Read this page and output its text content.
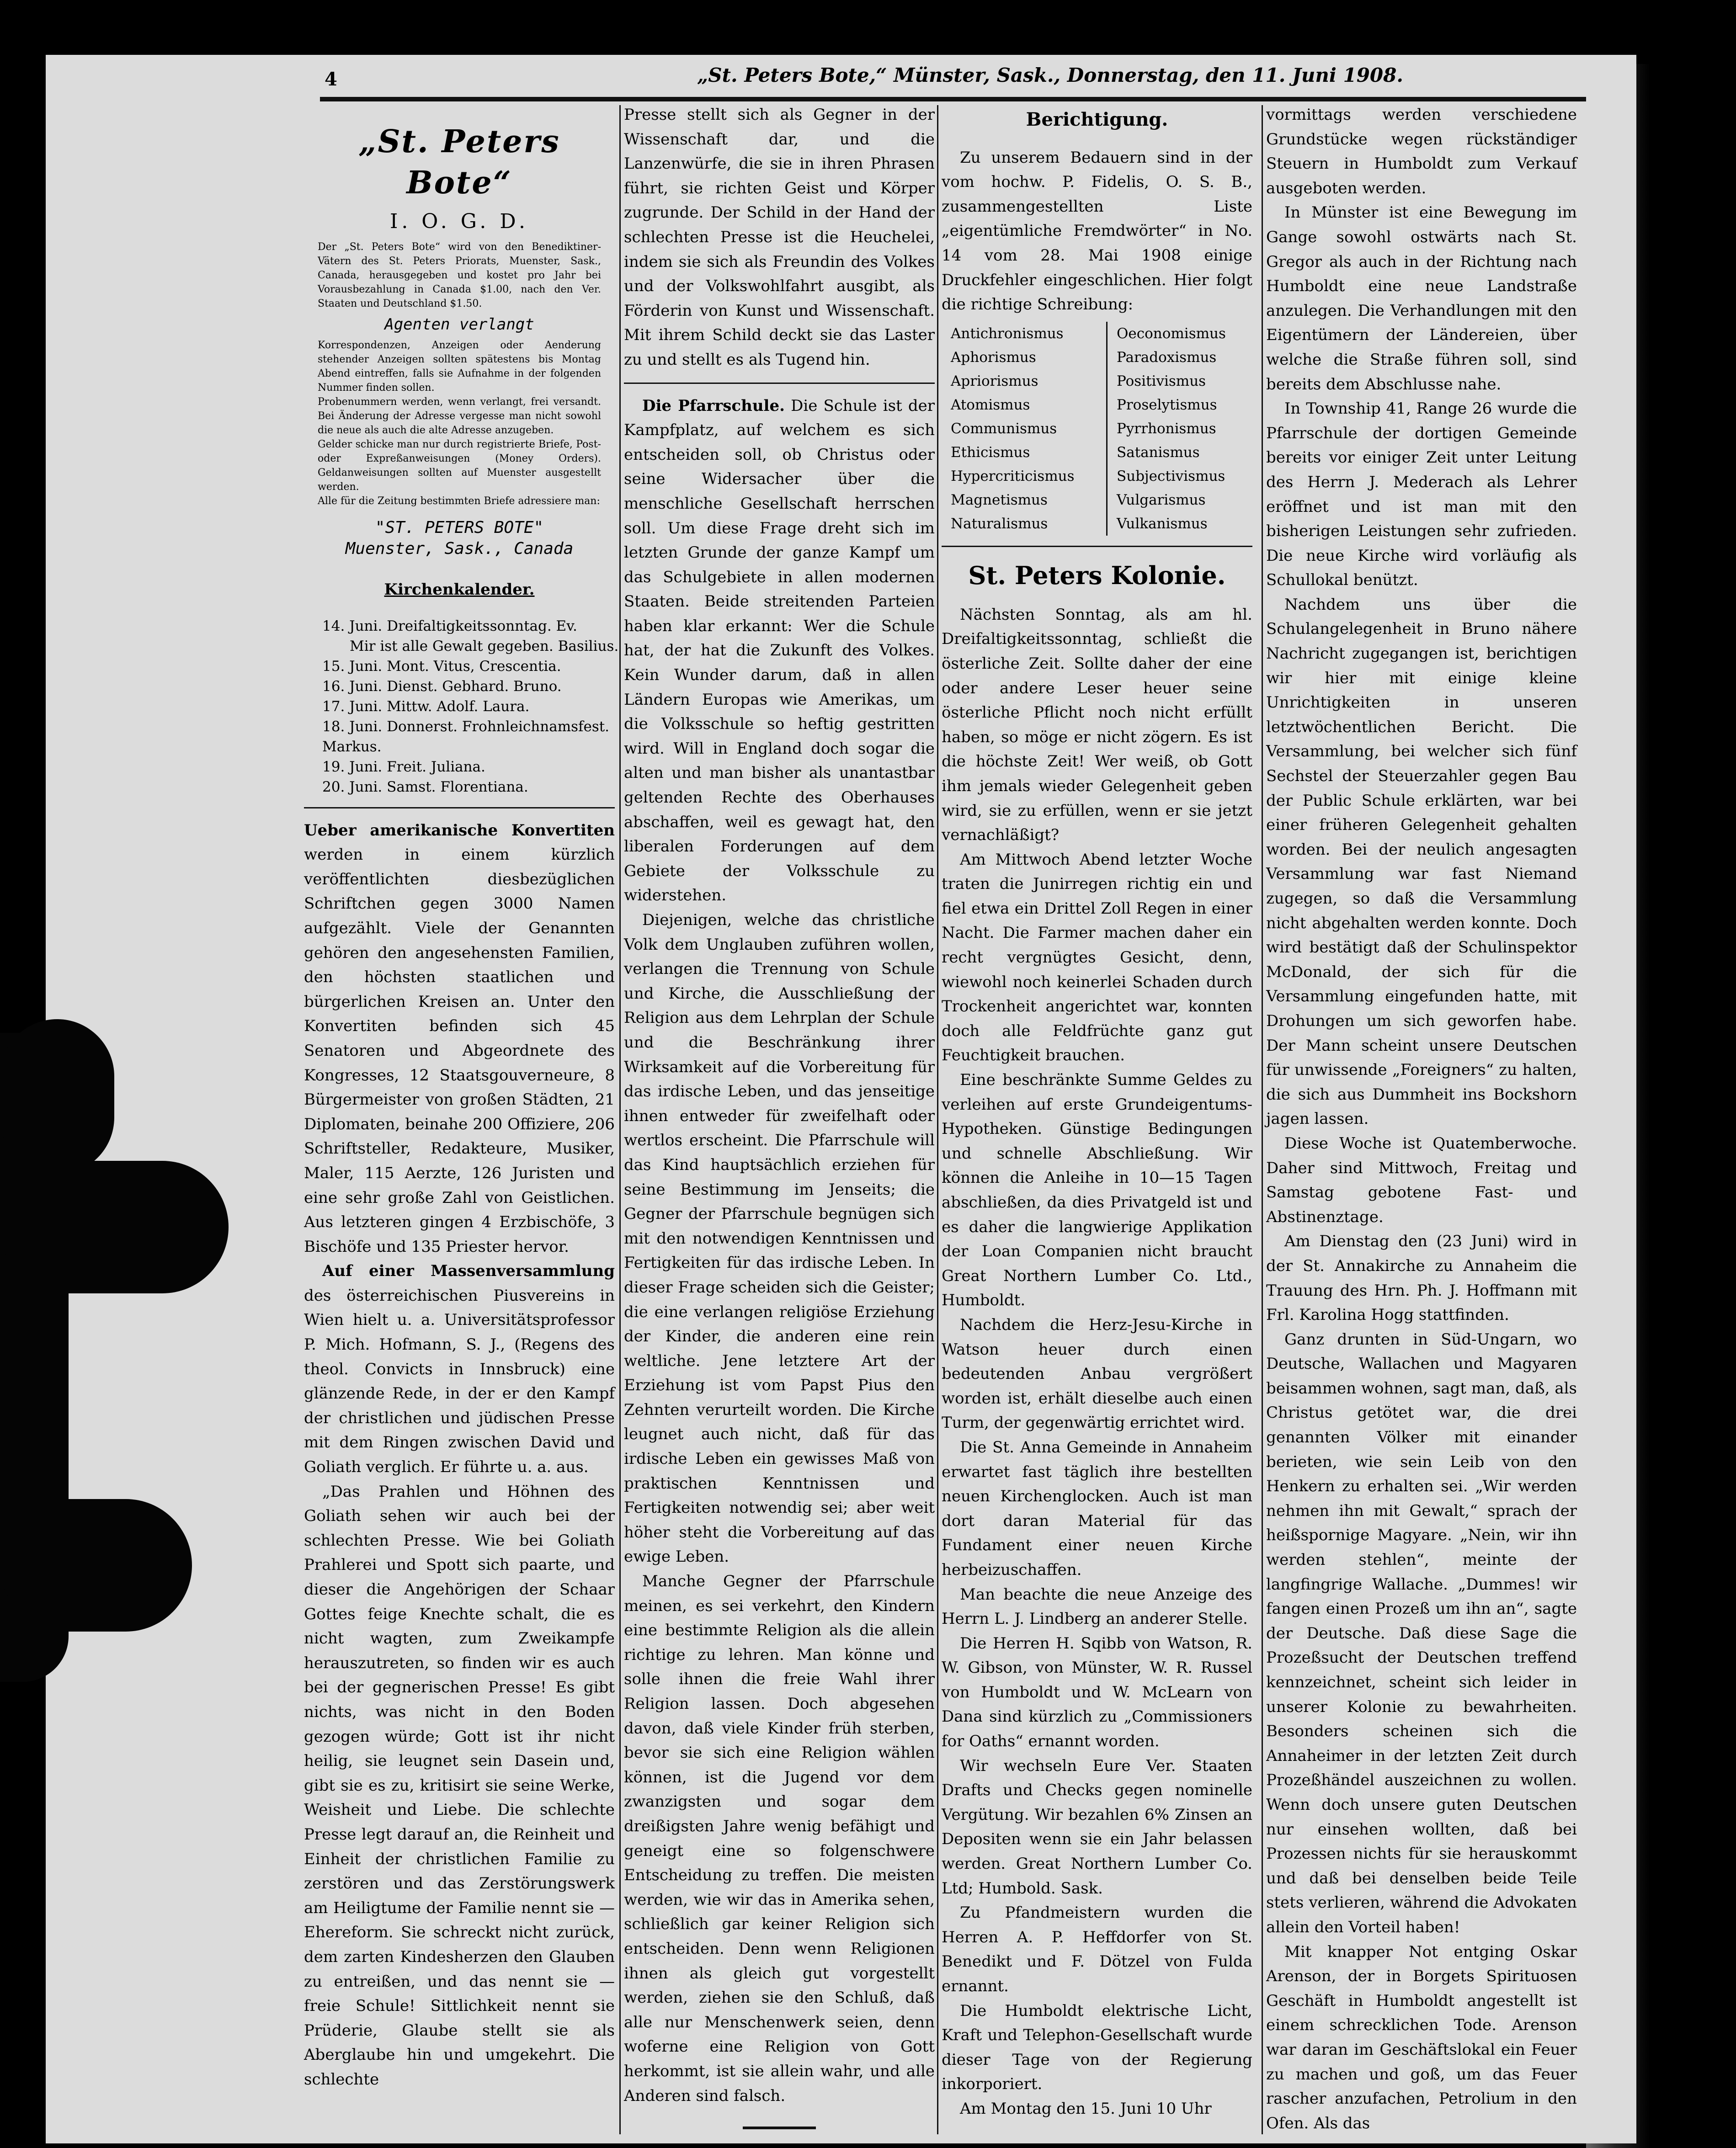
4	„St. Peters Bote,“ Münster, Sask., Donnerstag, den 11. Juni 1908.
„St. Peters Bote“
I. O. G. D.
Der „St. Peters Bote“ wird von den Benediktiner-Vätern des St. Peters Priorats, Muenster, Sask., Canada, herausgegeben und kostet pro Jahr bei Vorausbezahlung in Canada $1.00, nach den Ver. Staaten und Deutschland $1.50.
Agenten verlangt
Korrespondenzen, Anzeigen oder Aenderung stehender Anzeigen sollten spätestens bis Montag Abend eintreffen, falls sie Aufnahme in der folgenden Nummer finden sollen.
Probenummern werden, wenn verlangt, frei versandt. Bei Änderung der Adresse vergesse man nicht sowohl die neue als auch die alte Adresse anzugeben.
Gelder schicke man nur durch registrierte Briefe, Post- oder Expreßanweisungen (Money Orders). Geldanweisungen sollten auf Muenster ausgestellt werden.
Alle für die Zeitung bestimmten Briefe adressiere man:
"ST. PETERS BOTE"
Muenster, Sask., Canada
Kirchenkalender.
14. Juni. Dreifaltigkeitssonntag. Ev.
Mir ist alle Gewalt gegeben. Basilius.
15. Juni. Mont. Vitus, Crescentia.
16. Juni. Dienst. Gebhard. Bruno.
17. Juni. Mittw. Adolf. Laura.
18. Juni. Donnerst. Frohnleichnamsfest.
Markus.
19. Juni. Freit. Juliana.
20. Juni. Samst. Florentiana.

Ueber amerikanische Konvertiten werden in einem kürzlich veröffentlichten diesbezüglichen Schriftchen gegen 3000 Namen aufgezählt. Viele der Genannten gehören den angesehensten Familien, den höchsten staatlichen und bürgerlichen Kreisen an. Unter den Konvertiten befinden sich 45 Senatoren und Abgeordnete des Kongresses, 12 Staatsgouverneure, 8 Bürgermeister von großen Städten, 21 Diplomaten, beinahe 200 Offiziere, 206 Schriftsteller, Redakteure, Musiker, Maler, 115 Aerzte, 126 Juristen und eine sehr große Zahl von Geistlichen. Aus letzteren gingen 4 Erzbischöfe, 3 Bischöfe und 135 Priester hervor.

Auf einer Massenversammlung des österreichischen Piusvereins in Wien hielt u. a. Universitätsprofessor P. Mich. Hofmann, S. J., (Regens des theol. Convicts in Innsbruck) eine glänzende Rede, in der er den Kampf der christlichen und jüdischen Presse mit dem Ringen zwischen David und Goliath verglich. Er führte u. a. aus.

„Das Prahlen und Höhnen des Goliath sehen wir auch bei der schlechten Presse. Wie bei Goliath Prahlerei und Spott sich paarte, und dieser die Angehörigen der Schaar Gottes feige Knechte schalt, die es nicht wagten, zum Zweikampfe herauszutreten, so finden wir es auch bei der gegnerischen Presse! Es gibt nichts, was nicht in den Boden gezogen würde; Gott ist ihr nicht heilig, sie leugnet sein Dasein und, gibt sie es zu, kritisirt sie seine Werke, Weisheit und Liebe. Die schlechte Presse legt darauf an, die Reinheit und Einheit der christlichen Familie zu zerstören und das Zerstörungswerk am Heiligtume der Familie nennt sie — Ehereform. Sie schreckt nicht zurück, dem zarten Kindesherzen den Glauben zu entreißen, und das nennt sie — freie Schule! Sittlichkeit nennt sie Prüderie, Glaube stellt sie als Aberglaube hin und umgekehrt. Die schlechte

Presse stellt sich als Gegner in der Wissenschaft dar, und die Lanzenwürfe, die sie in ihren Phrasen führt, sie richten Geist und Körper zugrunde. Der Schild in der Hand der schlechten Presse ist die Heuchelei, indem sie sich als Freundin des Volkes und der Volkswohlfahrt ausgibt, als Förderin von Kunst und Wissenschaft. Mit ihrem Schild deckt sie das Laster zu und stellt es als Tugend hin.

Die Pfarrschule. Die Schule ist der Kampfplatz, auf welchem es sich entscheiden soll, ob Christus oder seine Widersacher über die menschliche Gesellschaft herrschen soll. Um diese Frage dreht sich im letzten Grunde der ganze Kampf um das Schulgebiete in allen modernen Staaten. Beide streitenden Parteien haben klar erkannt: Wer die Schule hat, der hat die Zukunft des Volkes. Kein Wunder darum, daß in allen Ländern Europas wie Amerikas, um die Volksschule so heftig gestritten wird. Will in England doch sogar die alten und man bisher als unantastbar geltenden Rechte des Oberhauses abschaffen, weil es gewagt hat, den liberalen Forderungen auf dem Gebiete der Volksschule zu widerstehen.

Diejenigen, welche das christliche Volk dem Unglauben zuführen wollen, verlangen die Trennung von Schule und Kirche, die Ausschließung der Religion aus dem Lehrplan der Schule und die Beschränkung ihrer Wirksamkeit auf die Vorbereitung für das irdische Leben, und das jenseitige ihnen entweder für zweifelhaft oder wertlos erscheint. Die Pfarrschule will das Kind hauptsächlich erziehen für seine Bestimmung im Jenseits; die Gegner der Pfarrschule begnügen sich mit den notwendigen Kenntnissen und Fertigkeiten für das irdische Leben. In dieser Frage scheiden sich die Geister; die eine verlangen religiöse Erziehung der Kinder, die anderen eine rein weltliche. Jene letztere Art der Erziehung ist vom Papst Pius den Zehnten verurteilt worden. Die Kirche leugnet auch nicht, daß für das irdische Leben ein gewisses Maß von praktischen Kenntnissen und Fertigkeiten notwendig sei; aber weit höher steht die Vorbereitung auf das ewige Leben.

Manche Gegner der Pfarrschule meinen, es sei verkehrt, den Kindern eine bestimmte Religion als die allein richtige zu lehren. Man könne und solle ihnen die freie Wahl ihrer Religion lassen. Doch abgesehen davon, daß viele Kinder früh sterben, bevor sie sich eine Religion wählen können, ist die Jugend vor dem zwanzigsten und sogar dem dreißigsten Jahre wenig befähigt und geneigt eine so folgenschwere Entscheidung zu treffen. Die meisten werden, wie wir das in Amerika sehen, schließlich gar keiner Religion sich entscheiden. Denn wenn Religionen ihnen als gleich gut vorgestellt werden, ziehen sie den Schluß, daß alle nur Menschenwerk seien, denn woferne eine Religion von Gott herkommt, ist sie allein wahr, und alle Anderen sind falsch.

Berichtigung.

Zu unserem Bedauern sind in der vom hochw. P. Fidelis, O. S. B., zusammengestellten Liste „eigentümliche Fremdwörter“ in No. 14 vom 28. Mai 1908 einige Druckfehler eingeschlichen. Hier folgt die richtige Schreibung:

Antichronismus
Aphorismus
Apriorismus
Atomismus
Communismus
Ethicismus
Hypercriticismus
Magnetismus
Naturalismus
Oeconomismus
Paradoxismus
Positivismus
Proselytismus
Pyrrhonismus
Satanismus
Subjectivismus
Vulgarismus
Vulkanismus
St. Peters Kolonie.

Nächsten Sonntag, als am hl. Dreifaltigkeitssonntag, schließt die österliche Zeit. Sollte daher der eine oder andere Leser heuer seine österliche Pflicht noch nicht erfüllt haben, so möge er nicht zögern. Es ist die höchste Zeit! Wer weiß, ob Gott ihm jemals wieder Gelegenheit geben wird, sie zu erfüllen, wenn er sie jetzt vernachläßigt?

Am Mittwoch Abend letzter Woche traten die Junirregen richtig ein und fiel etwa ein Drittel Zoll Regen in einer Nacht. Die Farmer machen daher ein recht vergnügtes Gesicht, denn, wiewohl noch keinerlei Schaden durch Trockenheit angerichtet war, konnten doch alle Feldfrüchte ganz gut Feuchtigkeit brauchen.

Eine beschränkte Summe Geldes zu verleihen auf erste Grundeigentums-Hypotheken. Günstige Bedingungen und schnelle Abschließung. Wir können die Anleihe in 10—15 Tagen abschließen, da dies Privatgeld ist und es daher die langwierige Applikation der Loan Companien nicht braucht Great Northern Lumber Co. Ltd., Humboldt.

Nachdem die Herz-Jesu-Kirche in Watson heuer durch einen bedeutenden Anbau vergrößert worden ist, erhält dieselbe auch einen Turm, der gegenwärtig errichtet wird.

Die St. Anna Gemeinde in Annaheim erwartet fast täglich ihre bestellten neuen Kirchenglocken. Auch ist man dort daran Material für das Fundament einer neuen Kirche herbeizuschaffen.

Man beachte die neue Anzeige des Herrn L. J. Lindberg an anderer Stelle.

Die Herren H. Sqibb von Watson, R. W. Gibson, von Münster, W. R. Russel von Humboldt und W. McLearn von Dana sind kürzlich zu „Commissioners for Oaths“ ernannt worden.

Wir wechseln Eure Ver. Staaten Drafts und Checks gegen nominelle Vergütung. Wir bezahlen 6% Zinsen an Depositen wenn sie ein Jahr belassen werden. Great Northern Lumber Co. Ltd; Humbold. Sask.

Zu Pfandmeistern wurden die Herren A. P. Heffdorfer von St. Benedikt und F. Dötzel von Fulda ernannt.

Die Humboldt elektrische Licht, Kraft und Telephon-Gesellschaft wurde dieser Tage von der Regierung inkorporiert.

Am Montag den 15. Juni 10 Uhr

vormittags werden verschiedene Grundstücke wegen rückständiger Steuern in Humboldt zum Verkauf ausgeboten werden.

In Münster ist eine Bewegung im Gange sowohl ostwärts nach St. Gregor als auch in der Richtung nach Humboldt eine neue Landstraße anzulegen. Die Verhandlungen mit den Eigentümern der Ländereien, über welche die Straße führen soll, sind bereits dem Abschlusse nahe.

In Township 41, Range 26 wurde die Pfarrschule der dortigen Gemeinde bereits vor einiger Zeit unter Leitung des Herrn J. Mederach als Lehrer eröffnet und ist man mit den bisherigen Leistungen sehr zufrieden. Die neue Kirche wird vorläufig als Schullokal benützt.

Nachdem uns über die Schulangelegenheit in Bruno nähere Nachricht zugegangen ist, berichtigen wir hier mit einige kleine Unrichtigkeiten in unseren letztwöchentlichen Bericht. Die Versammlung, bei welcher sich fünf Sechstel der Steuerzahler gegen Bau der Public Schule erklärten, war bei einer früheren Gelegenheit gehalten worden. Bei der neulich angesagten Versammlung war fast Niemand zugegen, so daß die Versammlung nicht abgehalten werden konnte. Doch wird bestätigt daß der Schulinspektor McDonald, der sich für die Versammlung eingefunden hatte, mit Drohungen um sich geworfen habe. Der Mann scheint unsere Deutschen für unwissende „Foreigners“ zu halten, die sich aus Dummheit ins Bockshorn jagen lassen.

Diese Woche ist Quatemberwoche. Daher sind Mittwoch, Freitag und Samstag gebotene Fast- und Abstinenztage.

Am Dienstag den (23 Juni) wird in der St. Annakirche zu Annaheim die Trauung des Hrn. Ph. J. Hoffmann mit Frl. Karolina Hogg stattfinden.

Ganz drunten in Süd-Ungarn, wo Deutsche, Wallachen und Magyaren beisammen wohnen, sagt man, daß, als Christus getötet war, die drei genannten Völker mit einander berieten, wie sein Leib von den Henkern zu erhalten sei. „Wir werden nehmen ihn mit Gewalt,“ sprach der heißspornige Magyare. „Nein, wir ihn werden stehlen“, meinte der langfingrige Wallache. „Dummes! wir fangen einen Prozeß um ihn an“, sagte der Deutsche. Daß diese Sage die Prozeßsucht der Deutschen treffend kennzeichnet, scheint sich leider in unserer Kolonie zu bewahrheiten. Besonders scheinen sich die Annaheimer in der letzten Zeit durch Prozeßhändel auszeichnen zu wollen. Wenn doch unsere guten Deutschen nur einsehen wollten, daß bei Prozessen nichts für sie herauskommt und daß bei denselben beide Teile stets verlieren, während die Advokaten allein den Vorteil haben!

Mit knapper Not entging Oskar Arenson, der in Borgets Spirituosen Geschäft in Humboldt angestellt ist einem schrecklichen Tode. Arenson war daran im Geschäftslokal ein Feuer zu machen und goß, um das Feuer rascher anzufachen, Petrolium in den Ofen. Als das
